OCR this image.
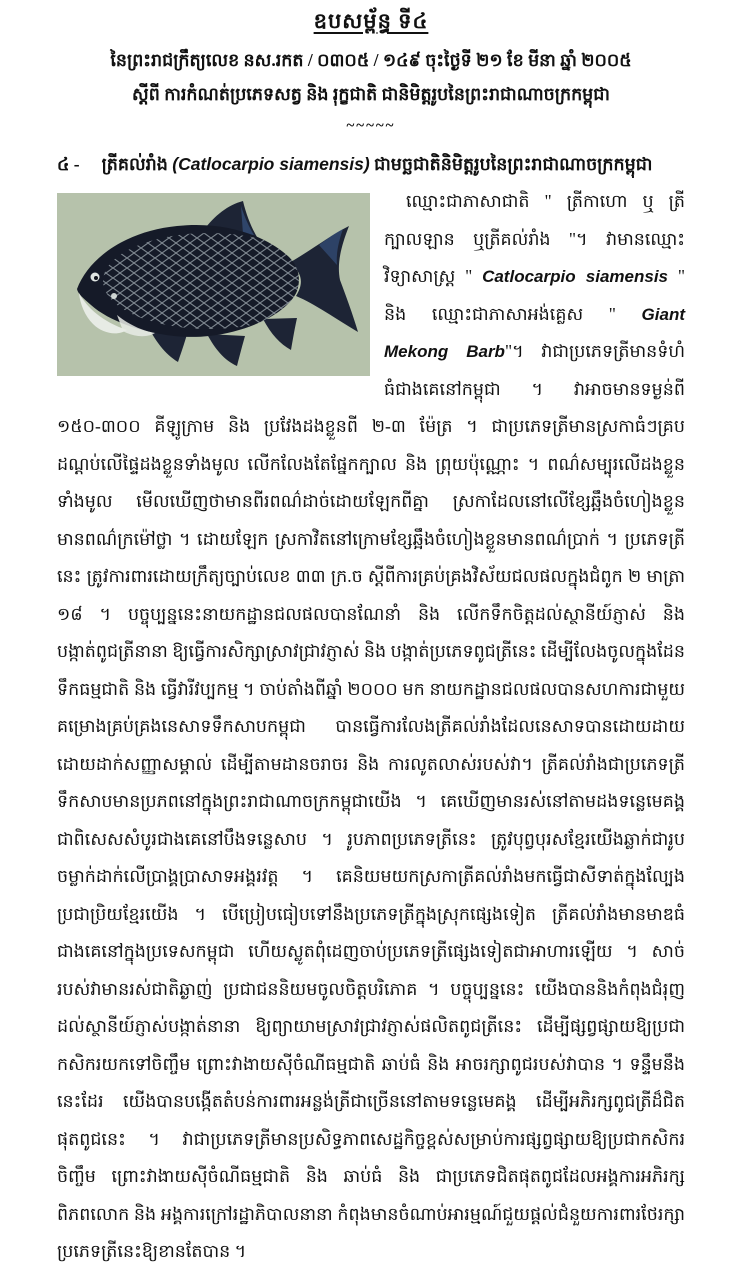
ឧបសម្ព័ន្ធ ទី៤
នៃព្រះរាជក្រឹត្យលេខ នស.រកត / ០៣០៥ / ១៤៩ ចុះថ្ងៃទី ២១ ខែ មីនា ឆ្នាំ ២០០៥
ស្ដីពី ការកំណត់ប្រភេទសត្វ និង រុក្ខជាតិ ជានិមិត្តរូបនៃព្រះរាជាណាចក្រកម្ពុជា
~~~~~
៤ - ត្រីគល់រាំង (Catlocarpio siamensis) ជាមច្ឆជាតិនិមិត្តរូបនៃព្រះរាជាណាចក្រកម្ពុជា

ឈ្មោះជាភាសាជាតិ " ត្រីកាហោ ឬ ត្រីក្បាលឡាន ឬត្រីគល់រាំង "។ វាមានឈ្មោះវិទ្យាសាស្ត្រ " Catlocarpio siamensis " និង ឈ្មោះជាភាសាអង់គ្លេស " Giant Mekong Barb"។ វាជាប្រភេទត្រីមានទំហំធំជាងគេនៅកម្ពុជា ។ វាអាចមានទម្ងន់ពី ១៥០-៣០០ គីឡូក្រាម និង ប្រវែងដងខ្លួនពី ២-៣ ម៉ែត្រ ។ ជាប្រភេទត្រីមានស្រកាធំៗគ្របដណ្ដប់លើផ្ទៃដងខ្លួនទាំងមូល លើកលែងតែផ្នែកក្បាល និង ព្រុយប៉ុណ្ណោះ ។ ពណ៌សម្បុរលើដងខ្លួនទាំងមូល មើលឃើញថាមានពីរពណ៌ដាច់ដោយឡែកពីគ្នា ស្រកាដែលនៅលើខ្សែឆ្អឹងចំហៀងខ្លួនមានពណ៌ក្រម៉ៅថ្លា ។ ដោយឡែក ស្រកាវិតនៅក្រោមខ្សែឆ្អឹងចំហៀងខ្លួនមានពណ៌ប្រាក់ ។ ប្រភេទត្រីនេះ ត្រូវការពារដោយក្រឹត្យច្បាប់លេខ ៣៣ ក្រ.ច ស្ដីពីការគ្រប់គ្រងវិស័យជលផលក្នុងជំពូក ២ មាត្រា ១៨ ។ បច្ចុប្បន្ននេះនាយកដ្ឋានជលផលបានណែនាំ និង លើកទឹកចិត្តដល់ស្ថានីយ៍ភ្ញាស់ និង បង្កាត់ពូជត្រីនានា ឱ្យធ្វើការសិក្សាស្រាវជ្រាវភ្ញាស់ និង បង្កាត់ប្រភេទពូជត្រីនេះ ដើម្បីលែងចូលក្នុងដែនទឹកធម្មជាតិ និង ធ្វើវារីវប្បកម្ម ។ ចាប់តាំងពីឆ្នាំ ២០០០ មក នាយកដ្ឋានជលផលបានសហការជាមួយគម្រោងគ្រប់គ្រងនេសាទទឹកសាបកម្ពុជា បានធ្វើការលែងត្រីគល់រាំងដែលនេសាទបានដោយដាយ ដោយដាក់សញ្ញាសម្គាល់ ដើម្បីតាមដានចរាចរ និង ការលូតលាស់របស់វា។ ត្រីគល់រាំងជាប្រភេទត្រីទឹកសាបមានប្រភពនៅក្នុងព្រះរាជាណាចក្រកម្ពុជាយើង ។ គេឃើញមានរស់នៅតាមដងទន្លេមេគង្គ ជាពិសេសសំបូរជាងគេនៅបឹងទន្លេសាប ។ រូបភាពប្រភេទត្រីនេះ ត្រូវបុព្វបុរសខ្មែរយើងឆ្លាក់ជារូបចម្លាក់ដាក់លើប្រាង្គប្រាសាទអង្គរវត្ត ។ គេនិយមយកស្រកាត្រីគល់រាំងមកធ្វើជាសីទាត់ក្នុងល្បែងប្រជាប្រិយខ្មែរយើង ។ បើប្រៀបធៀបទៅនឹងប្រភេទត្រីក្នុងស្រុកផ្សេងទៀត ត្រីគល់រាំងមានមាឌធំជាងគេនៅក្នុងប្រទេសកម្ពុជា ហើយស្លូតពុំដេញចាប់ប្រភេទត្រីផ្សេងទៀតជាអាហារឡើយ ។ សាច់របស់វាមានរស់ជាតិឆ្ងាញ់ ប្រជាជននិយមចូលចិត្តបរិភោគ ។ បច្ចុប្បន្ននេះ យើងបាននិងកំពុងជំរុញដល់ស្ថានីយ៍ភ្ញាស់បង្កាត់នានា ឱ្យព្យាយាមស្រាវជ្រាវភ្ញាស់ផលិតពូជត្រីនេះ ដើម្បីផ្សព្វផ្សាយឱ្យប្រជាកសិករយកទៅចិញ្ចឹម ព្រោះវាងាយស៊ីចំណីធម្មជាតិ ឆាប់ធំ និង អាចរក្សាពូជរបស់វាបាន ។ ទន្ទឹមនឹងនេះដែរ យើងបានបង្កើតតំបន់ការពារអន្លង់ត្រីជាច្រើននៅតាមទន្លេមេគង្គ ដើម្បីអភិរក្សពូជត្រីដ៏ជិតផុតពូជនេះ ។ វាជាប្រភេទត្រីមានប្រសិទ្ធភាពសេដ្ឋកិច្ចខ្ពស់សម្រាប់ការផ្សព្វផ្សាយឱ្យប្រជាកសិករចិញ្ចឹម ព្រោះវាងាយស៊ីចំណីធម្មជាតិ និង ឆាប់ធំ និង ជាប្រភេទជិតផុតពូជដែលអង្គការអភិរក្សពិភពលោក និង អង្គការក្រៅរដ្ឋាភិបាលនានា កំពុងមានចំណាប់អារម្មណ៍ជួយផ្តល់ជំនួយការពារថែរក្សាប្រភេទត្រីនេះឱ្យខានតែបាន ។
